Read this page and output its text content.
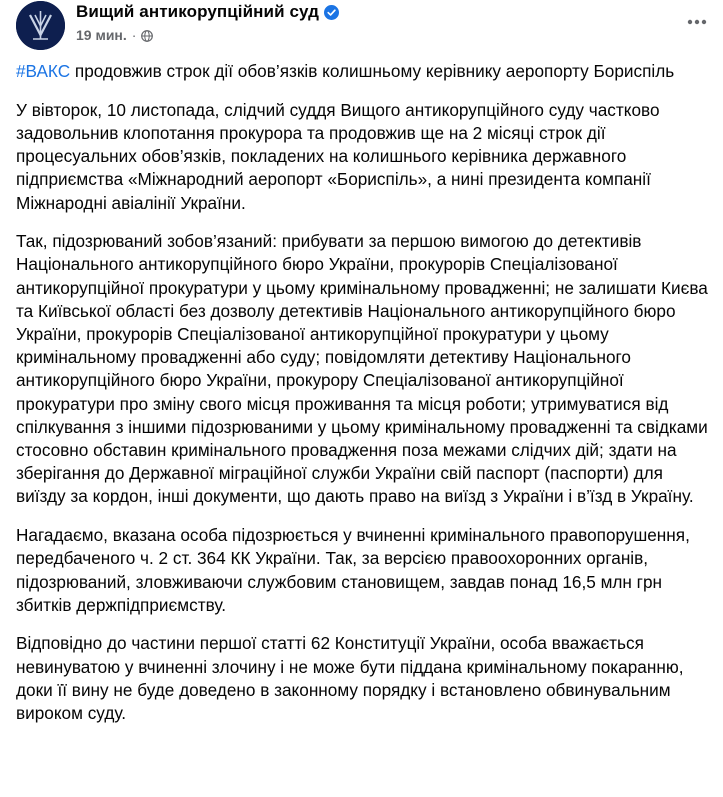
Вищий антикорупційний суд
19 мин. ·

#ВАКС продовжив строк дії обов’язків колишньому керівнику аеропорту Бориспіль

У вівторок, 10 листопада, слідчий суддя Вищого антикорупційного суду частково задовольнив клопотання прокурора та продовжив ще на 2 місяці строк дії процесуальних обов’язків, покладених на колишнього керівника державного підприємства «Міжнародний аеропорт «Бориспіль», а нині президента компанії Міжнародні авіалінії України.

Так, підозрюваний зобов’язаний: прибувати за першою вимогою до детективів Національного антикорупційного бюро України, прокурорів Спеціалізованої антикорупційної прокуратури у цьому кримінальному провадженні; не залишати Києва та Київської області без дозволу детективів Національного антикорупційного бюро України, прокурорів Спеціалізованої антикорупційної прокуратури у цьому кримінальному провадженні або суду; повідомляти детективу Національного антикорупційного бюро України, прокурору Спеціалізованої антикорупційної прокуратури про зміну свого місця проживання та місця роботи; утримуватися від спілкування з іншими підозрюваними у цьому кримінальному провадженні та свідками стосовно обставин кримінального провадження поза межами слідчих дій; здати на зберігання до Державної міграційної служби України свій паспорт (паспорти) для виїзду за кордон, інші документи, що дають право на виїзд з України і в’їзд в Україну.

Нагадаємо, вказана особа підозрюється у вчиненні кримінального правопорушення, передбаченого ч. 2 ст. 364 КК України. Так, за версією правоохоронних органів, підозрюваний, зловживаючи службовим становищем, завдав понад 16,5 млн грн збитків держпідприємству.

Відповідно до частини першої статті 62 Конституції України, особа вважається невинуватою у вчиненні злочину і не може бути піддана кримінальному покаранню, доки її вину не буде доведено в законному порядку і встановлено обвинувальним вироком суду.
